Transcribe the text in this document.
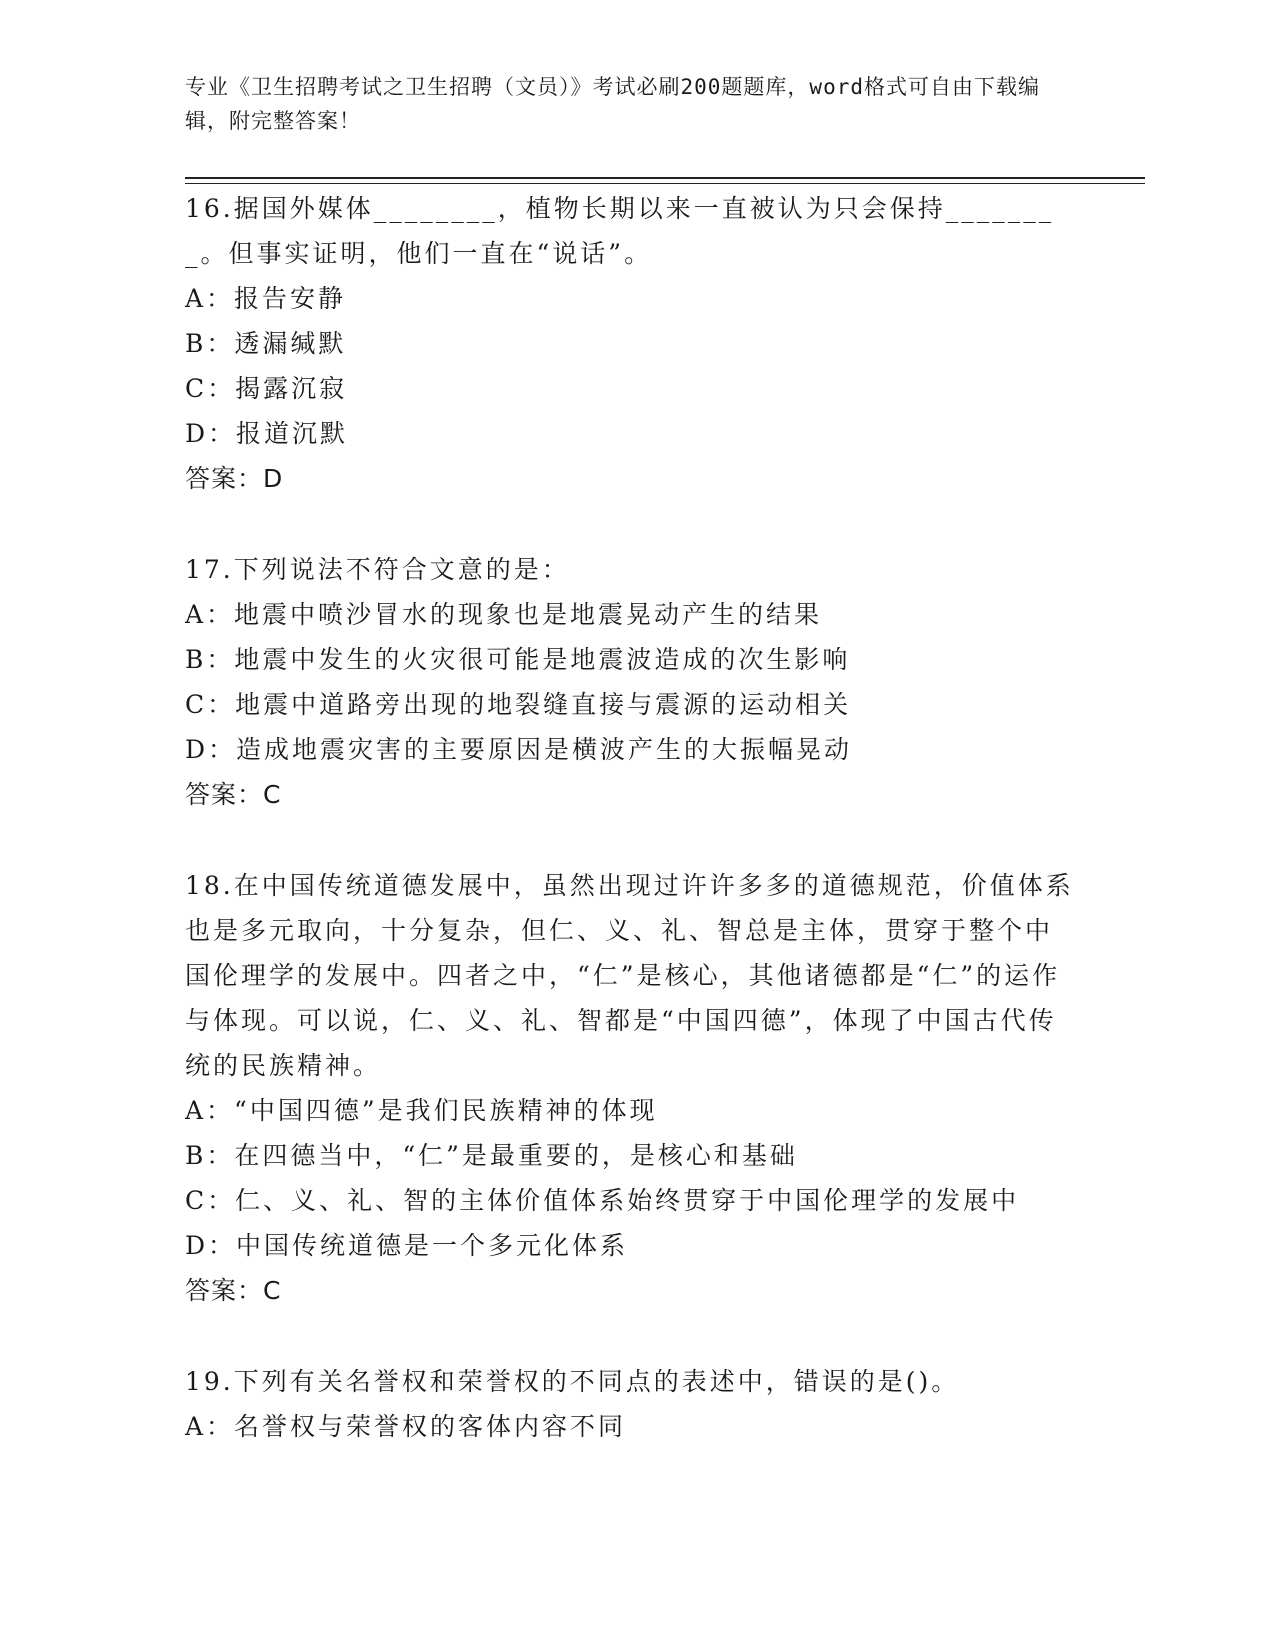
专业《卫生招聘考试之卫生招聘（文员）》考试必刷200题题库，word格式可自由下载编辑，附完整答案！
16.据国外媒体________，植物长期以来一直被认为只会保持________。但事实证明，他们一直在“说话”。
A：报告安静
B：透漏缄默
C：揭露沉寂
D：报道沉默
答案：D
17.下列说法不符合文意的是：
A：地震中喷沙冒水的现象也是地震晃动产生的结果
B：地震中发生的火灾很可能是地震波造成的次生影响
C：地震中道路旁出现的地裂缝直接与震源的运动相关
D：造成地震灾害的主要原因是横波产生的大振幅晃动
答案：C
18.在中国传统道德发展中，虽然出现过许许多多的道德规范，价值体系也是多元取向，十分复杂，但仁、义、礼、智总是主体，贯穿于整个中国伦理学的发展中。四者之中，“仁”是核心，其他诸德都是“仁”的运作与体现。可以说，仁、义、礼、智都是“中国四德”，体现了中国古代传统的民族精神。
A：“中国四德”是我们民族精神的体现
B：在四德当中，“仁”是最重要的，是核心和基础
C：仁、义、礼、智的主体价值体系始终贯穿于中国伦理学的发展中
D：中国传统道德是一个多元化体系
答案：C
19.下列有关名誉权和荣誉权的不同点的表述中，错误的是()。
A：名誉权与荣誉权的客体内容不同
